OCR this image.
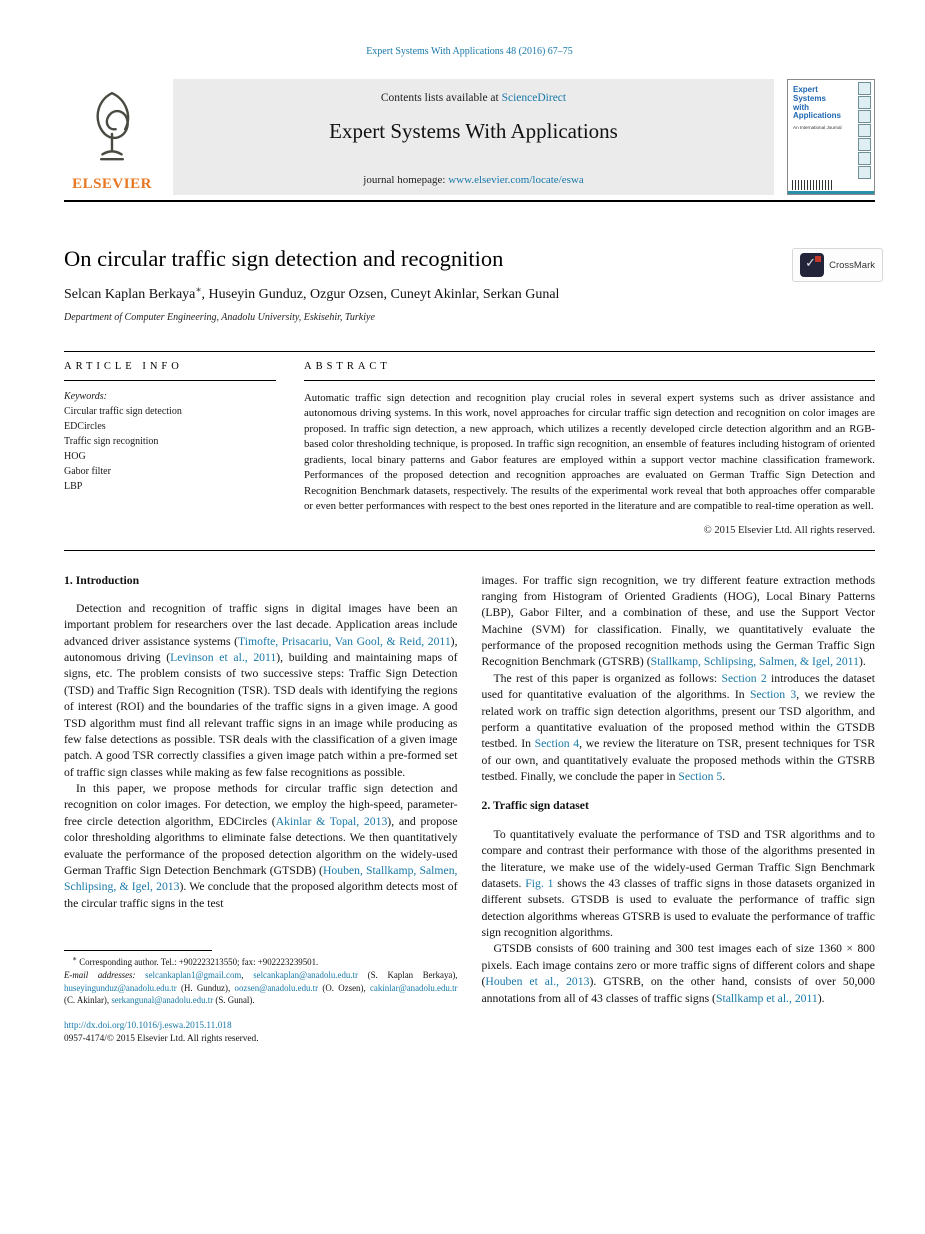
Expert Systems With Applications 48 (2016) 67–75
ELSEVIER
Contents lists available at ScienceDirect
Expert Systems With Applications
journal homepage: www.elsevier.com/locate/eswa
Expert
Systems
with
Applications
An International Journal
On circular traffic sign detection and recognition ✓	CrossMark
Selcan Kaplan Berkaya∗, Huseyin Gunduz, Ozgur Ozsen, Cuneyt Akinlar, Serkan Gunal
Department of Computer Engineering, Anadolu University, Eskisehir, Turkiye
ARTICLE INFO
Keywords:
Circular traffic sign detection
EDCircles
Traffic sign recognition
HOG
Gabor filter
LBP
ABSTRACT
Automatic traffic sign detection and recognition play crucial roles in several expert systems such as driver assistance and autonomous driving systems. In this work, novel approaches for circular traffic sign detection and recognition on color images are proposed. In traffic sign detection, a new approach, which utilizes a recently developed circle detection algorithm and an RGB-based color thresholding technique, is proposed. In traffic sign recognition, an ensemble of features including histogram of oriented gradients, local binary patterns and Gabor features are employed within a support vector machine classification framework. Performances of the proposed detection and recognition approaches are evaluated on German Traffic Sign Detection and Recognition Benchmark datasets, respectively. The results of the experimental work reveal that both approaches offer comparable or even better performances with respect to the best ones reported in the literature and are compatible to real-time operation as well.
© 2015 Elsevier Ltd. All rights reserved.
1. Introduction

Detection and recognition of traffic signs in digital images have been an important problem for researchers over the last decade. Application areas include advanced driver assistance systems (Timofte, Prisacariu, Van Gool, & Reid, 2011), autonomous driving (Levinson et al., 2011), building and maintaining maps of signs, etc. The problem consists of two successive steps: Traffic Sign Detection (TSD) and Traffic Sign Recognition (TSR). TSD deals with identifying the regions of interest (ROI) and the boundaries of the traffic signs in a given image. A good TSD algorithm must find all relevant traffic signs in an image while producing as few false detections as possible. TSR deals with the classification of a given image patch. A good TSR correctly classifies a given image patch within a pre-formed set of traffic sign classes while making as few false recognitions as possible.

In this paper, we propose methods for circular traffic sign detection and recognition on color images. For detection, we employ the high-speed, parameter-free circle detection algorithm, EDCircles (Akinlar & Topal, 2013), and propose color thresholding algorithms to eliminate false detections. We then quantitatively evaluate the performance of the proposed detection algorithm on the widely-used German Traffic Sign Detection Benchmark (GTSDB) (Houben, Stallkamp, Salmen, Schlipsing, & Igel, 2013). We conclude that the proposed algorithm detects most of the circular traffic signs in the test

∗ Corresponding author. Tel.: +902223213550; fax: +902223239501.

E-mail addresses: selcankaplan1@gmail.com, selcankaplan@anadolu.edu.tr (S. Kaplan Berkaya), huseyingunduz@anadolu.edu.tr (H. Gunduz), oozsen@anadolu.edu.tr (O. Ozsen), cakinlar@anadolu.edu.tr (C. Akinlar), serkangunal@anadolu.edu.tr (S. Gunal).

images. For traffic sign recognition, we try different feature extraction methods ranging from Histogram of Oriented Gradients (HOG), Local Binary Patterns (LBP), Gabor Filter, and a combination of these, and use the Support Vector Machine (SVM) for classification. Finally, we quantitatively evaluate the performance of the proposed recognition methods using the German Traffic Sign Recognition Benchmark (GTSRB) (Stallkamp, Schlipsing, Salmen, & Igel, 2011).

The rest of this paper is organized as follows: Section 2 introduces the dataset used for quantitative evaluation of the algorithms. In Section 3, we review the related work on traffic sign detection algorithms, present our TSD algorithm, and perform a quantitative evaluation of the proposed method within the GTSDB testbed. In Section 4, we review the literature on TSR, present techniques for TSR of our own, and quantitatively evaluate the proposed methods within the GTSRB testbed. Finally, we conclude the paper in Section 5.

2. Traffic sign dataset

To quantitatively evaluate the performance of TSD and TSR algorithms and to compare and contrast their performance with those of the algorithms presented in the literature, we make use of the widely-used German Traffic Sign Benchmark datasets. Fig. 1 shows the 43 classes of traffic signs in those datasets organized in different subsets. GTSDB is used to evaluate the performance of traffic sign detection algorithms whereas GTSRB is used to evaluate the performance of traffic sign recognition algorithms.

GTSDB consists of 600 training and 300 test images each of size 1360 × 800 pixels. Each image contains zero or more traffic signs of different colors and shape (Houben et al., 2013). GTSRB, on the other hand, consists of over 50,000 annotations from all of 43 classes of traffic signs (Stallkamp et al., 2011).

http://dx.doi.org/10.1016/j.eswa.2015.11.018
0957-4174/© 2015 Elsevier Ltd. All rights reserved.
